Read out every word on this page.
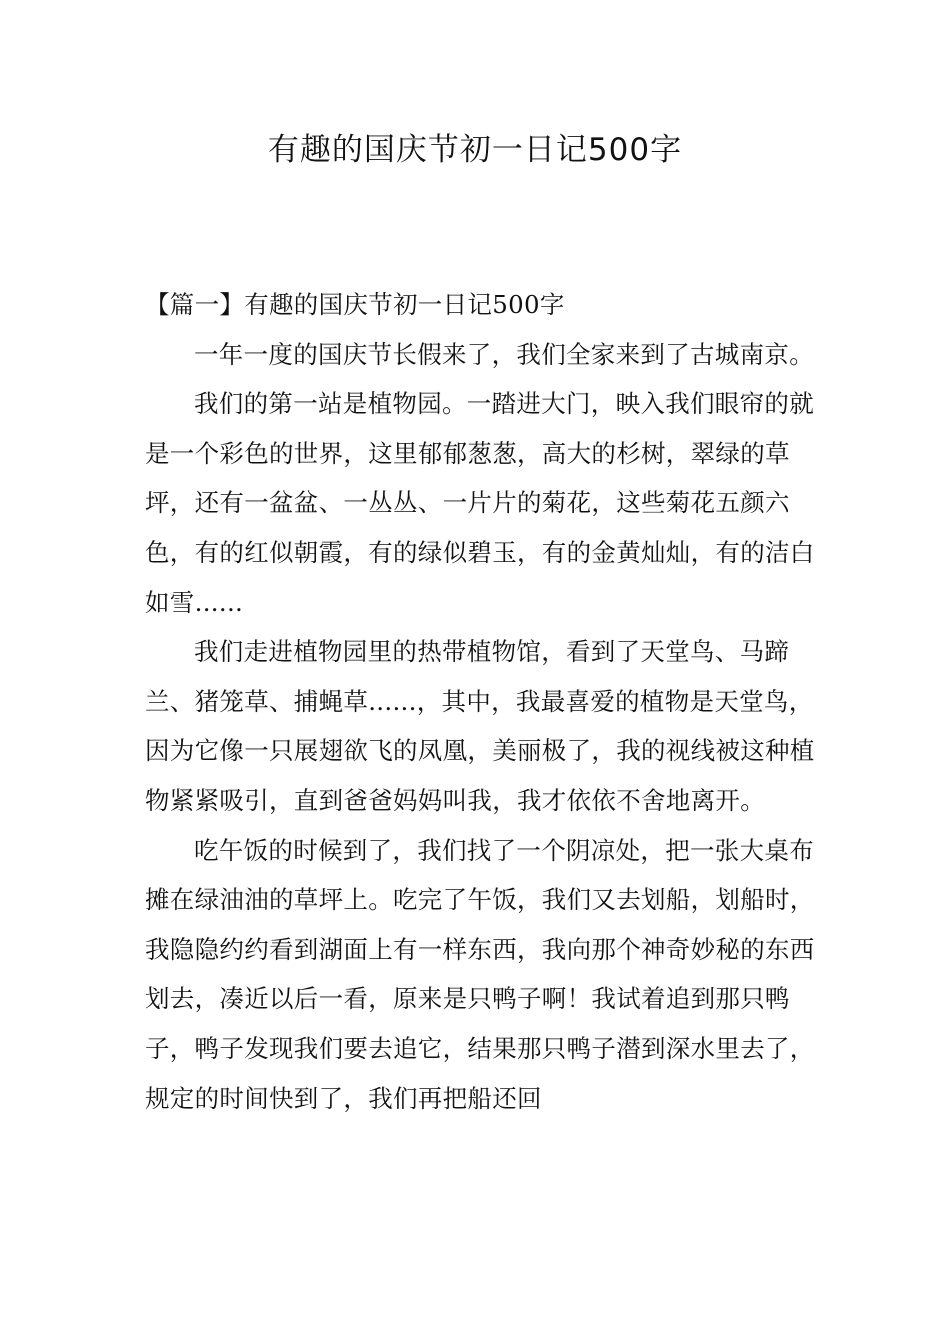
有趣的国庆节初一日记500字

【篇一】有趣的国庆节初一日记500字

一年一度的国庆节长假来了，我们全家来到了古城南京。

我们的第一站是植物园。一踏进大门，映入我们眼帘的就是一个彩色的世界，这里郁郁葱葱，高大的杉树，翠绿的草坪，还有一盆盆、一丛丛、一片片的菊花，这些菊花五颜六色，有的红似朝霞，有的绿似碧玉，有的金黄灿灿，有的洁白如雪......

我们走进植物园里的热带植物馆，看到了天堂鸟、马蹄兰、猪笼草、捕蝇草......，其中，我最喜爱的植物是天堂鸟，因为它像一只展翅欲飞的凤凰，美丽极了，我的视线被这种植物紧紧吸引，直到爸爸妈妈叫我，我才依依不舍地离开。

吃午饭的时候到了，我们找了一个阴凉处，把一张大桌布摊在绿油油的草坪上。吃完了午饭，我们又去划船，划船时，我隐隐约约看到湖面上有一样东西，我向那个神奇妙秘的东西划去，凑近以后一看，原来是只鸭子啊！我试着追到那只鸭子，鸭子发现我们要去追它，结果那只鸭子潜到深水里去了，规定的时间快到了，我们再把船还回
